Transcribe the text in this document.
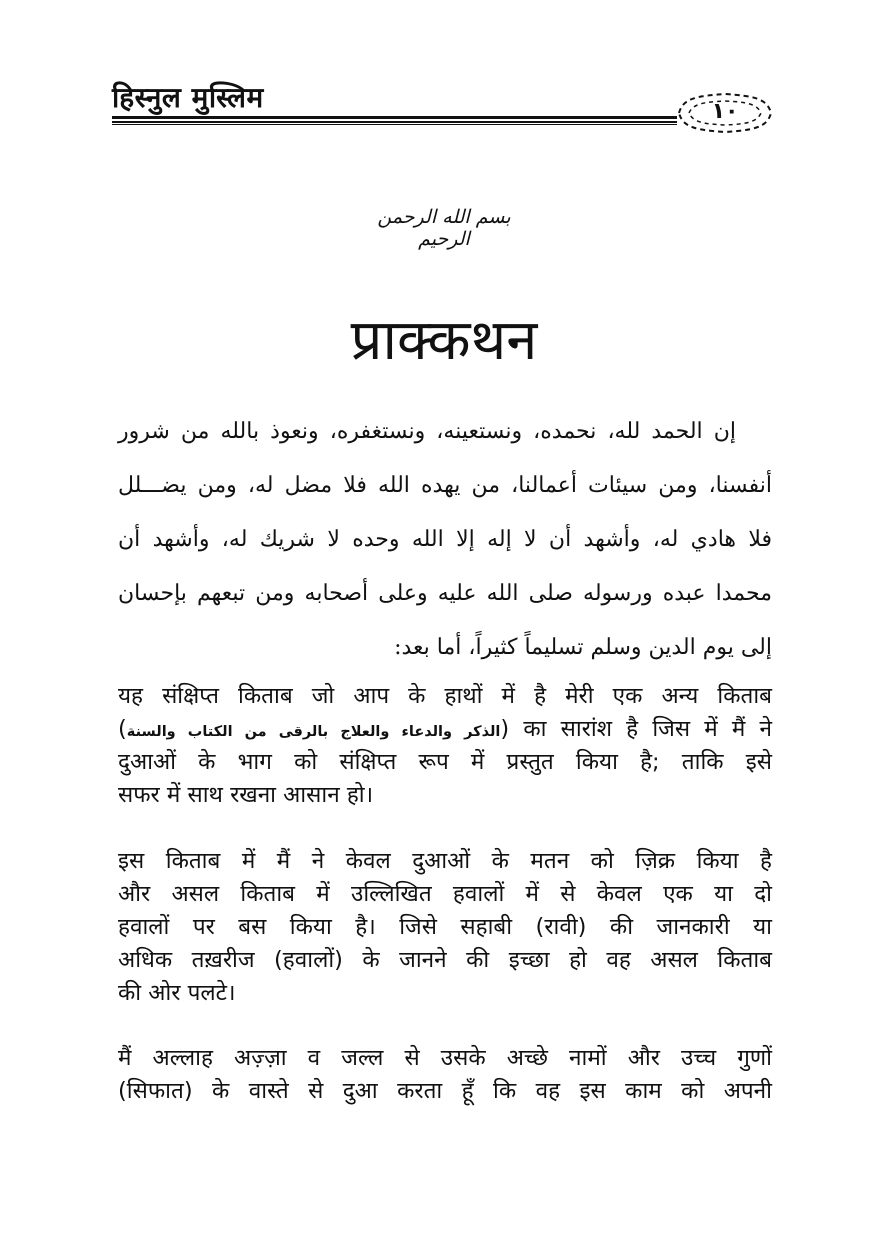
हिस्नुल मुस्लिम	١٠
بسم الله الرحمن الرحيم
प्राक्कथन
إن الحمد لله، نحمده، ونستعينه، ونستغفره، ونعوذ بالله من شرور
أنفسنا، ومن سيئات أعمالنا، من يهده الله فلا مضل له، ومن يضـــلل
فلا هادي له، وأشهد أن لا إله إلا الله وحده لا شريك له، وأشهد أن
محمدا عبده ورسوله صلى الله عليه وعلى أصحابه ومن تبعهم بإحسان
إلى يوم الدين وسلم تسليماً كثيراً، أما بعد:
यह संक्षिप्त किताब जो आप के हाथों में है मेरी एक अन्य किताब
(الذكر والدعاء والعلاج بالرقى من الكتاب والسنة) का सारांश है जिस में मैं ने
दुआओं के भाग को संक्षिप्त रूप में प्रस्तुत किया है; ताकि इसे
सफर में साथ रखना आसान हो।
इस किताब में मैं ने केवल दुआओं के मतन को ज़िक्र किया है
और असल किताब में उल्लिखित हवालों में से केवल एक या दो
हवालों पर बस किया है। जिसे सहाबी (रावी) की जानकारी या
अधिक तख़रीज (हवालों) के जानने की इच्छा हो वह असल किताब
की ओर पलटे।
मैं अल्लाह अज़्ज़ा व जल्ल से उसके अच्छे नामों और उच्च गुणों
(सिफात) के वास्ते से दुआ करता हूँ कि वह इस काम को अपनी
